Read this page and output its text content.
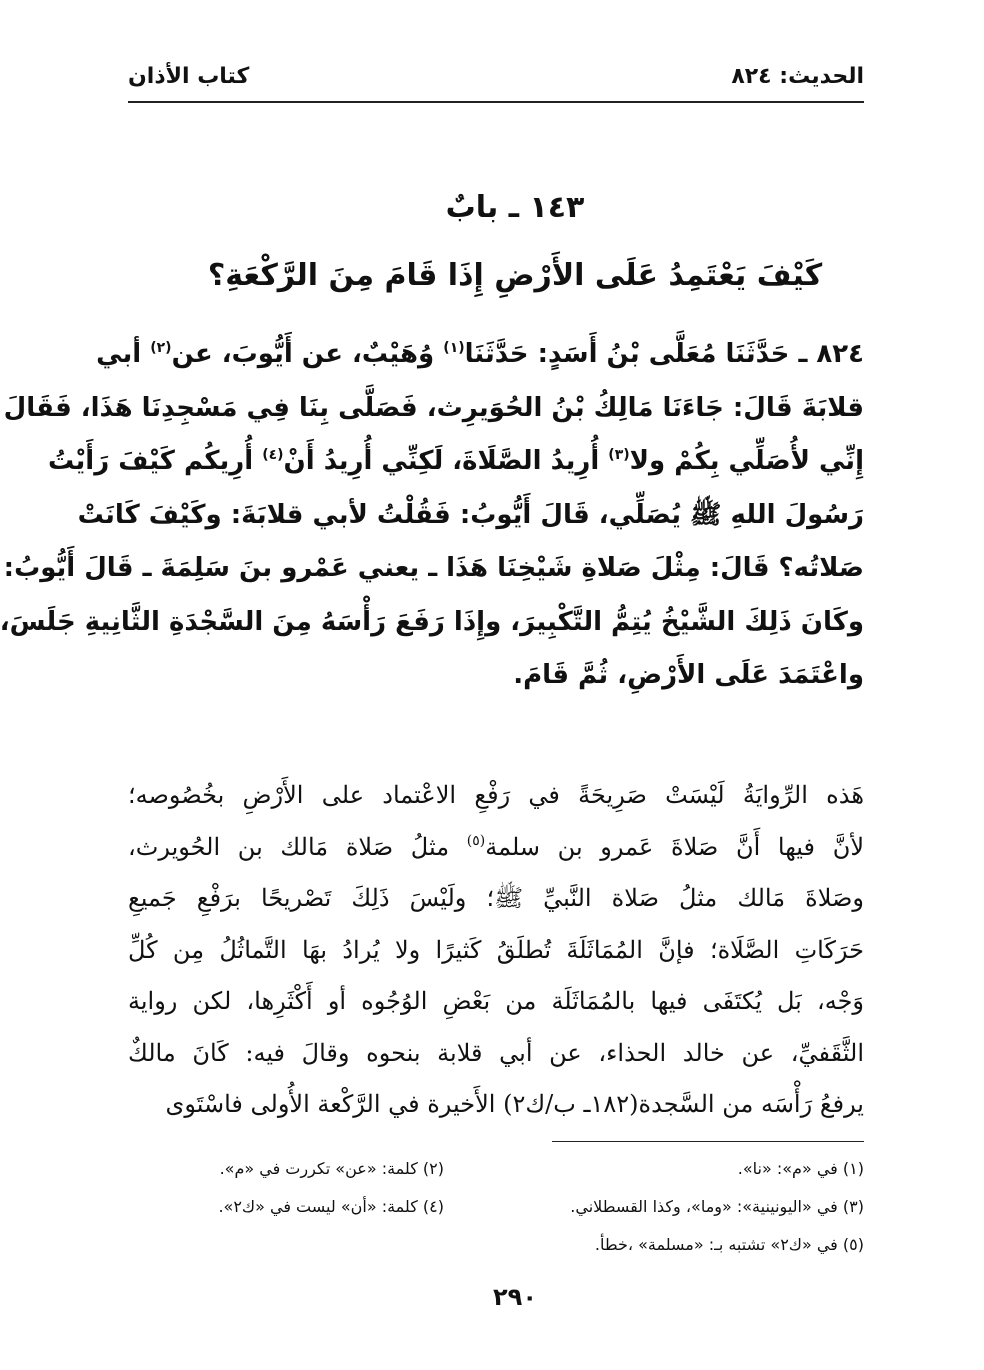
الحديث: ٨٢٤
كتاب الأذان
١٤٣ ـ بابٌ
كَيْفَ يَعْتَمِدُ عَلَى الأَرْضِ إِذَا قَامَ مِنَ الرَّكْعَةِ؟
٨٢٤ ـ حَدَّثَنَا مُعَلَّى بْنُ أَسَدٍ: حَدَّثَنَا$^{(١)}$ وُهَيْبٌ، عن أَيُّوبَ، عن$^{(٢)}$ أبي
قلابَةَ قَالَ: جَاءَنَا مَالِكُ بْنُ الحُوَيرِث، فَصَلَّى بِنَا فِي مَسْجِدِنَا هَذَا، فَقَالَ
إِنِّي لأُصَلِّي بِكُمْ ولا$^{(٣)}$ أُرِيدُ الصَّلَاةَ، لَكِنِّي أُرِيدُ أَنْ$^{(٤)}$ أُرِيكُم كَيْفَ رَأَيْتُ
رَسُولَ اللهِ ﷺ يُصَلِّي، قَالَ أَيُّوبُ: فَقُلْتُ لأبي قلابَةَ: وكَيْفَ كَانَتْ
صَلاتُه؟ قَالَ: مِثْلَ صَلاةِ شَيْخِنَا هَذَا ـ يعني عَمْرو بنَ سَلِمَةَ ـ قَالَ أَيُّوبُ:
وكَانَ ذَلِكَ الشَّيْخُ يُتِمُّ التَّكْبِيرَ، وإِذَا رَفَعَ رَأْسَهُ مِنَ السَّجْدَةِ الثَّانِيةِ جَلَسَ،
واعْتَمَدَ عَلَى الأَرْضِ، ثُمَّ قَامَ.
هَذه الرِّوايَةُ لَيْسَتْ صَرِيحَةً في رَفْعِ الاعْتماد على الأَرْضِ بخُصُوصه؛
لأنَّ فيها أَنَّ صَلاةَ عَمرو بن سلمة$^{(٥)}$ مثلُ صَلاة مَالك بن الحُويرث،
وصَلاةَ مَالك مثلُ صَلاة النَّبيِّ ﷺ؛ ولَيْسَ ذَلِكَ تَصْريحًا برَفْعِ جَميعِ
حَرَكَاتِ الصَّلَاة؛ فإنَّ المُمَاثَلَةَ تُطلَقُ كَثيرًا ولا يُرادُ بهَا التَّماثُلُ مِن كُلِّ
وَجْه، بَل يُكتَفَى فيها بالمُمَاثَلَة من بَعْضِ الوُجُوه أو أَكْثَرِها، لكن رواية
الثَّقَفيِّ، عن خالد الحذاء، عن أبي قلابة بنحوه وقالَ فيه: كَانَ مالكٌ
يرفعُ رَأْسَه من السَّجدة(١٨٢ـ ب/ك٢) الأَخيرة في الرَّكْعة الأُولى فاسْتَوى
(١) في «م»: «نا».
(٢) كلمة: «عن» تكررت في «م».
(٣) في «اليونينية»: «وما»، وكذا القسطلاني.
(٤) كلمة: «أن» ليست في «ك٢».
(٥) في «ك٢» تشتبه بـ: «مسلمة» ،خطأ.
٢٩٠
